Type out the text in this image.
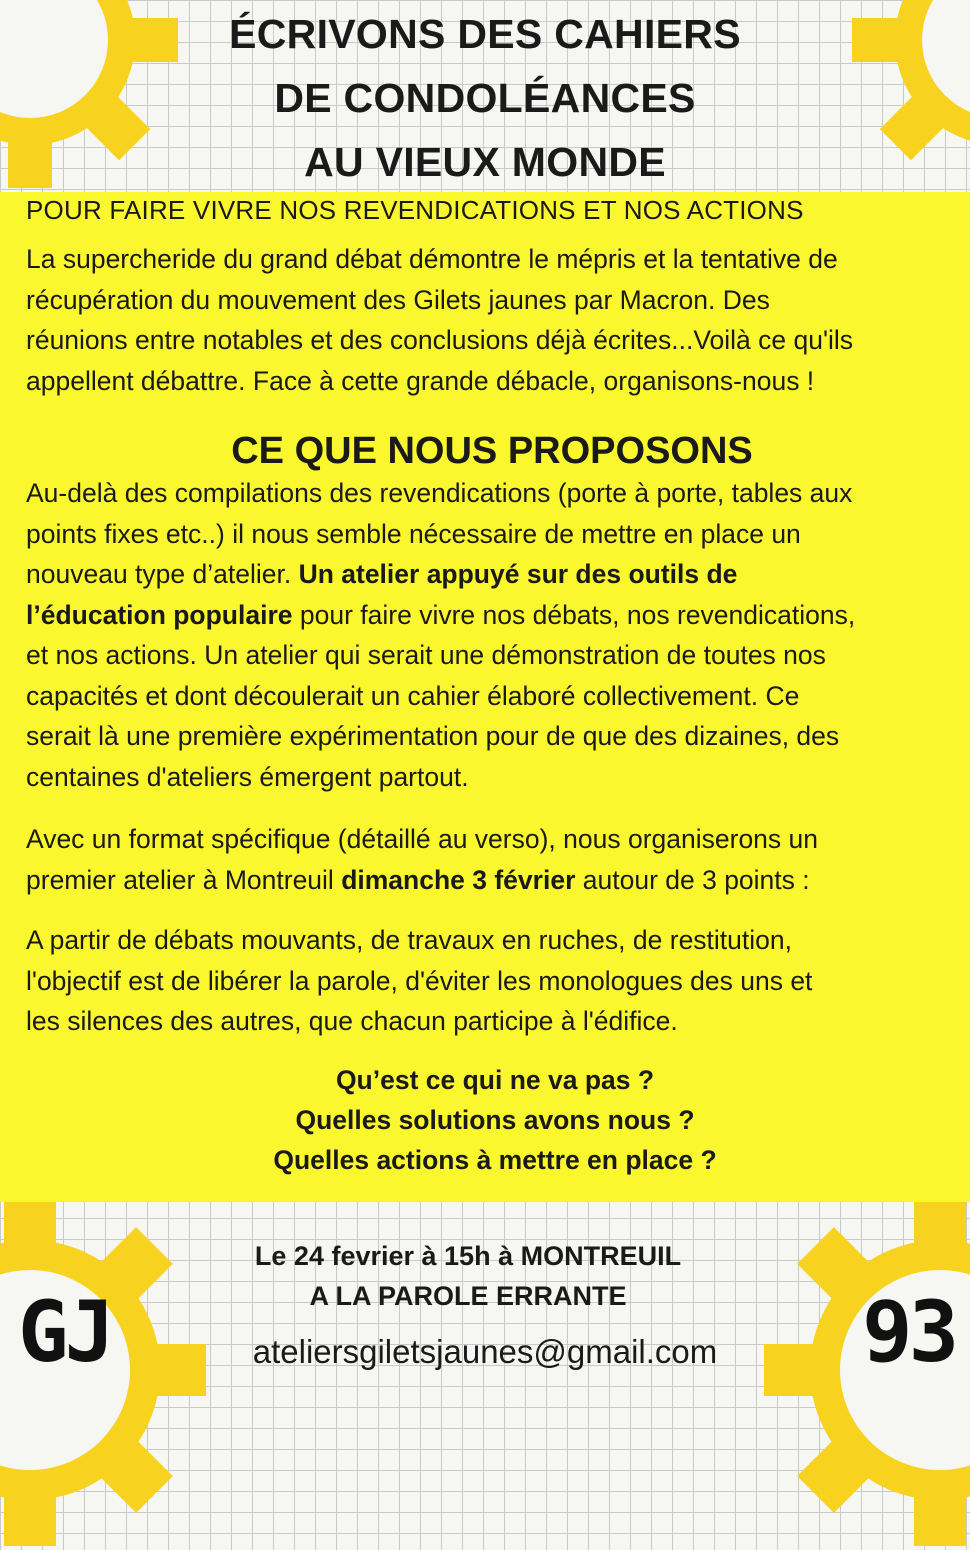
ÉCRIVONS DES CAHIERS
DE CONDOLÉANCES
AU VIEUX MONDE
POUR FAIRE VIVRE NOS REVENDICATIONS ET NOS ACTIONS
La supercheride du grand débat démontre le mépris et la tentative de
récupération du mouvement des Gilets jaunes par Macron. Des
réunions entre notables et des conclusions déjà écrites...Voilà ce qu'ils
appellent débattre. Face à cette grande débacle, organisons-nous !
CE QUE NOUS PROPOSONS
Au-delà des compilations des revendications (porte à porte, tables aux
points fixes etc..) il nous semble nécessaire de mettre en place un
nouveau type d’atelier. Un atelier appuyé sur des outils de
l’éducation populaire pour faire vivre nos débats, nos revendications,
et nos actions. Un atelier qui serait une démonstration de toutes nos
capacités et dont découlerait un cahier élaboré collectivement. Ce
serait là une première expérimentation pour de que des dizaines, des
centaines d'ateliers émergent partout.
Avec un format spécifique (détaillé au verso), nous organiserons un
premier atelier à Montreuil dimanche 3 février autour de 3 points :
A partir de débats mouvants, de travaux en ruches, de restitution,
l'objectif est de libérer la parole, d'éviter les monologues des uns et
les silences des autres, que chacun participe à l'édifice.
Qu’est ce qui ne va pas ?
Quelles solutions avons nous ?
Quelles actions à mettre en place ?
Le 24 fevrier à 15h à MONTREUIL
A LA PAROLE ERRANTE
ateliersgiletsjaunes@gmail.com
GJ	93
